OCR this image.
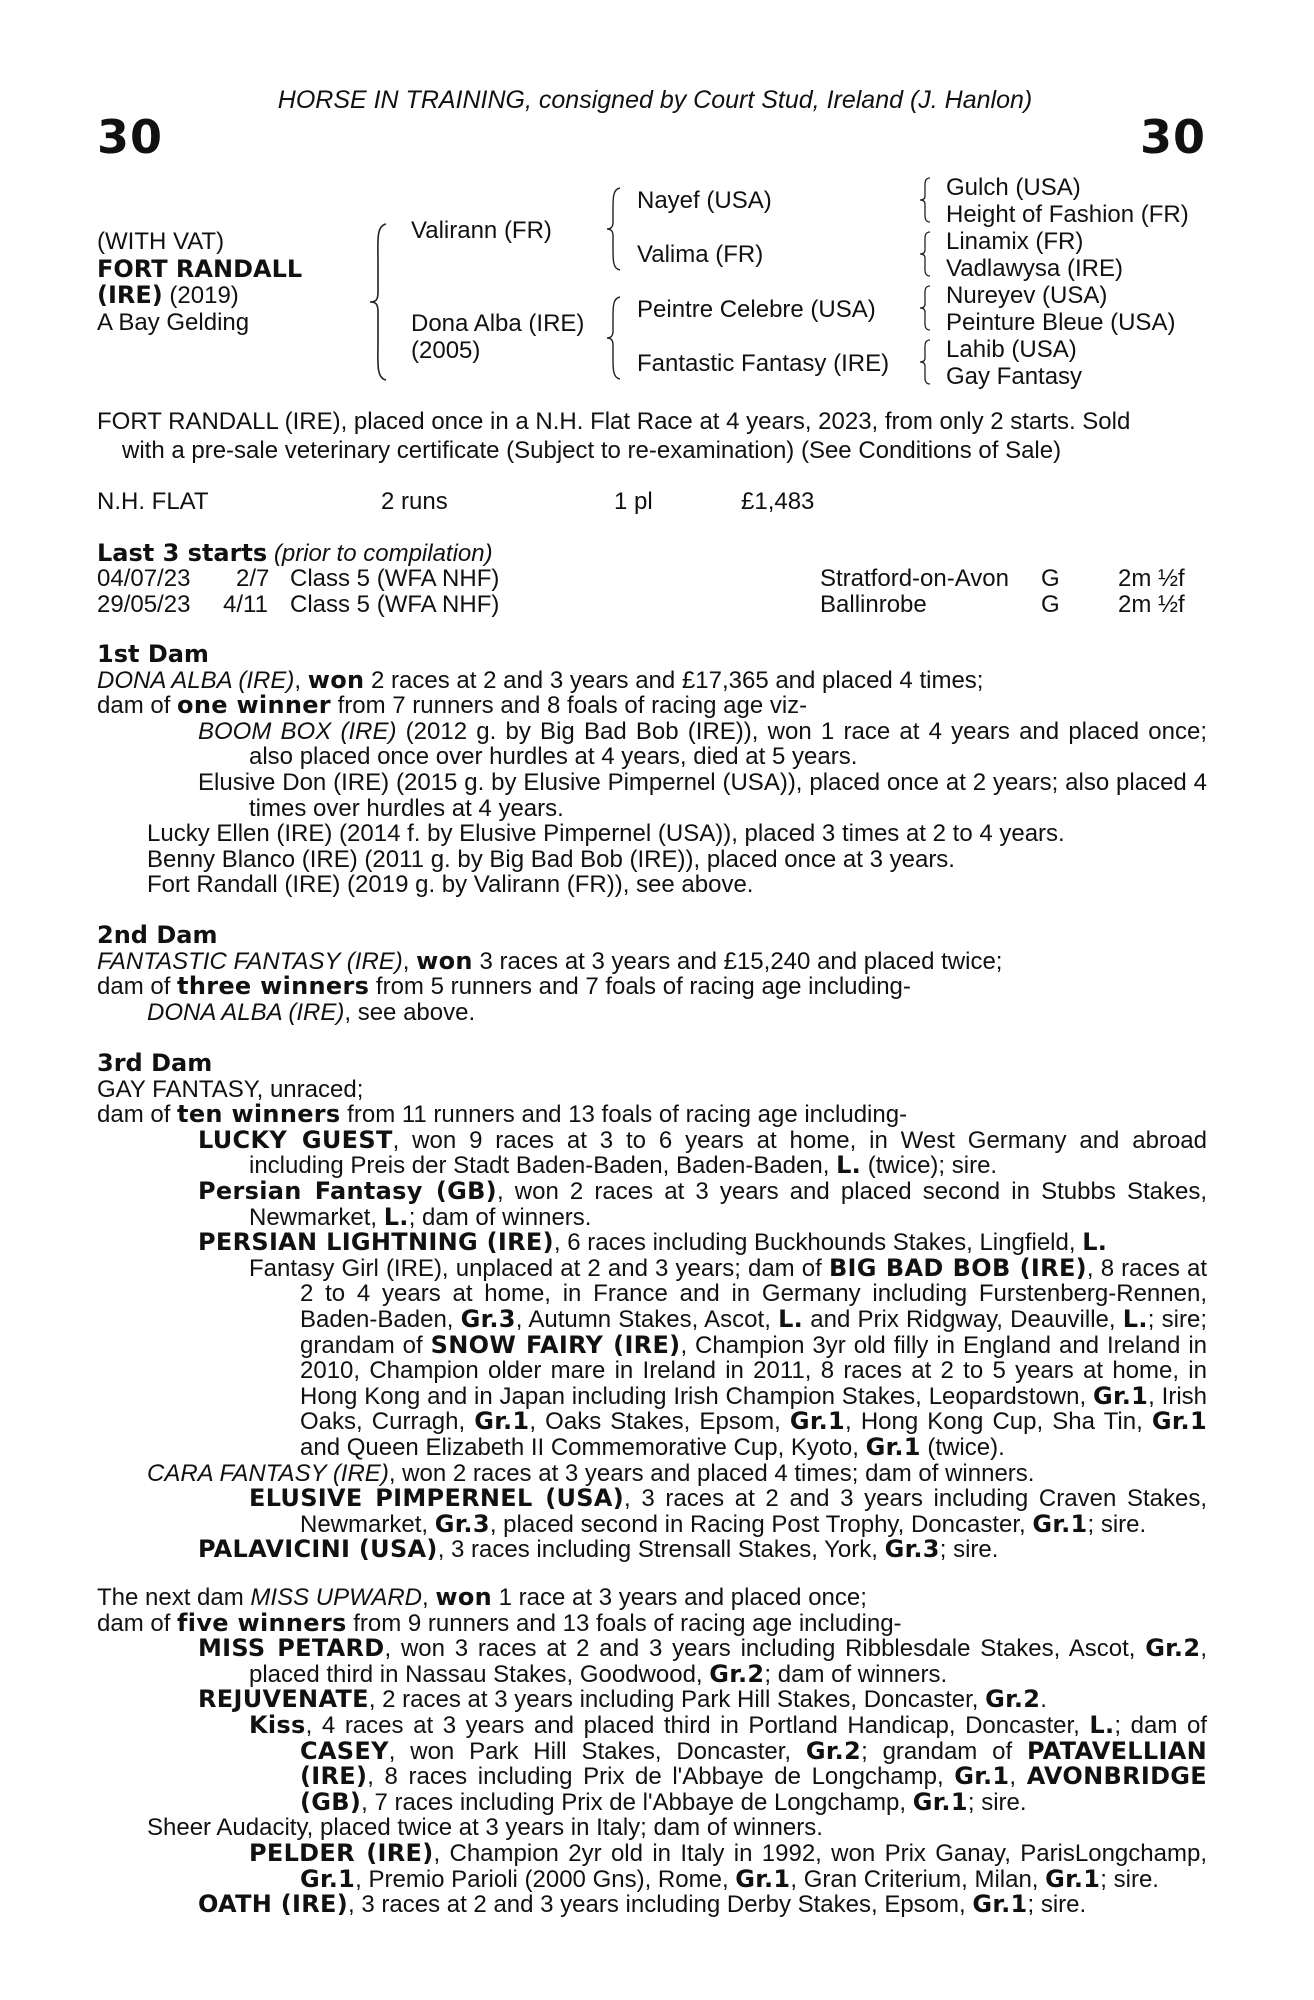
30	30
HORSE IN TRAINING, consigned by Court Stud, Ireland (J. Hanlon)
(WITH VAT)
FORT RANDALL
(IRE) (2019)
A Bay Gelding
Valirann (FR)
Dona Alba (IRE)
(2005)
Nayef (USA)
Valima (FR)
Peintre Celebre (USA)
Fantastic Fantasy (IRE)
Gulch (USA)
Height of Fashion (FR)
Linamix (FR)
Vadlawysa (IRE)
Nureyev (USA)
Peinture Bleue (USA)
Lahib (USA)
Gay Fantasy
FORT RANDALL (IRE), placed once in a N.H. Flat Race at 4 years, 2023, from only 2 starts. Sold
with a pre-sale veterinary certificate (Subject to re-examination) (See Conditions of Sale)
N.H. FLAT	2 runs	1 pl	£1,483
Last 3 starts (prior to compilation)
04/07/23 2/7 Class 5 (WFA NHF)	Stratford-on-Avon G 2m ½f
29/05/23 4/11 Class 5 (WFA NHF)	Ballinrobe	G 2m ½f

1st Dam

DONA ALBA (IRE), won 2 races at 2 and 3 years and £17,365 and placed 4 times;

dam of one winner from 7 runners and 8 foals of racing age viz-

BOOM BOX (IRE) (2012 g. by Big Bad Bob (IRE)), won 1 race at 4 years and placed once; also placed once over hurdles at 4 years, died at 5 years.

Elusive Don (IRE) (2015 g. by Elusive Pimpernel (USA)), placed once at 2 years; also placed 4 times over hurdles at 4 years.

Lucky Ellen (IRE) (2014 f. by Elusive Pimpernel (USA)), placed 3 times at 2 to 4 years.

Benny Blanco (IRE) (2011 g. by Big Bad Bob (IRE)), placed once at 3 years.

Fort Randall (IRE) (2019 g. by Valirann (FR)), see above.

2nd Dam

FANTASTIC FANTASY (IRE), won 3 races at 3 years and £15,240 and placed twice;

dam of three winners from 5 runners and 7 foals of racing age including-

DONA ALBA (IRE), see above.

3rd Dam

GAY FANTASY, unraced;

dam of ten winners from 11 runners and 13 foals of racing age including-

LUCKY GUEST, won 9 races at 3 to 6 years at home, in West Germany and abroad including Preis der Stadt Baden-Baden, Baden-Baden, L. (twice); sire.

Persian Fantasy (GB), won 2 races at 3 years and placed second in Stubbs Stakes, Newmarket, L.; dam of winners.

PERSIAN LIGHTNING (IRE), 6 races including Buckhounds Stakes, Lingfield, L.

Fantasy Girl (IRE), unplaced at 2 and 3 years; dam of BIG BAD BOB (IRE), 8 races at 2 to 4 years at home, in France and in Germany including Furstenberg-Rennen, Baden-Baden, Gr.3, Autumn Stakes, Ascot, L. and Prix Ridgway, Deauville, L.; sire; grandam of SNOW FAIRY (IRE), Champion 3yr old filly in England and Ireland in 2010, Champion older mare in Ireland in 2011, 8 races at 2 to 5 years at home, in Hong Kong and in Japan including Irish Champion Stakes, Leopardstown, Gr.1, Irish Oaks, Curragh, Gr.1, Oaks Stakes, Epsom, Gr.1, Hong Kong Cup, Sha Tin, Gr.1 and Queen Elizabeth II Commemorative Cup, Kyoto, Gr.1 (twice).

CARA FANTASY (IRE), won 2 races at 3 years and placed 4 times; dam of winners.

ELUSIVE PIMPERNEL (USA), 3 races at 2 and 3 years including Craven Stakes, Newmarket, Gr.3, placed second in Racing Post Trophy, Doncaster, Gr.1; sire.

PALAVICINI (USA), 3 races including Strensall Stakes, York, Gr.3; sire.

The next dam MISS UPWARD, won 1 race at 3 years and placed once;

dam of five winners from 9 runners and 13 foals of racing age including-

MISS PETARD, won 3 races at 2 and 3 years including Ribblesdale Stakes, Ascot, Gr.2, placed third in Nassau Stakes, Goodwood, Gr.2; dam of winners.

REJUVENATE, 2 races at 3 years including Park Hill Stakes, Doncaster, Gr.2.

Kiss, 4 races at 3 years and placed third in Portland Handicap, Doncaster, L.; dam of CASEY, won Park Hill Stakes, Doncaster, Gr.2; grandam of PATAVELLIAN (IRE), 8 races including Prix de l'Abbaye de Longchamp, Gr.1, AVONBRIDGE (GB), 7 races including Prix de l'Abbaye de Longchamp, Gr.1; sire.

Sheer Audacity, placed twice at 3 years in Italy; dam of winners.

PELDER (IRE), Champion 2yr old in Italy in 1992, won Prix Ganay, ParisLongchamp, Gr.1, Premio Parioli (2000 Gns), Rome, Gr.1, Gran Criterium, Milan, Gr.1; sire.

OATH (IRE), 3 races at 2 and 3 years including Derby Stakes, Epsom, Gr.1; sire.
